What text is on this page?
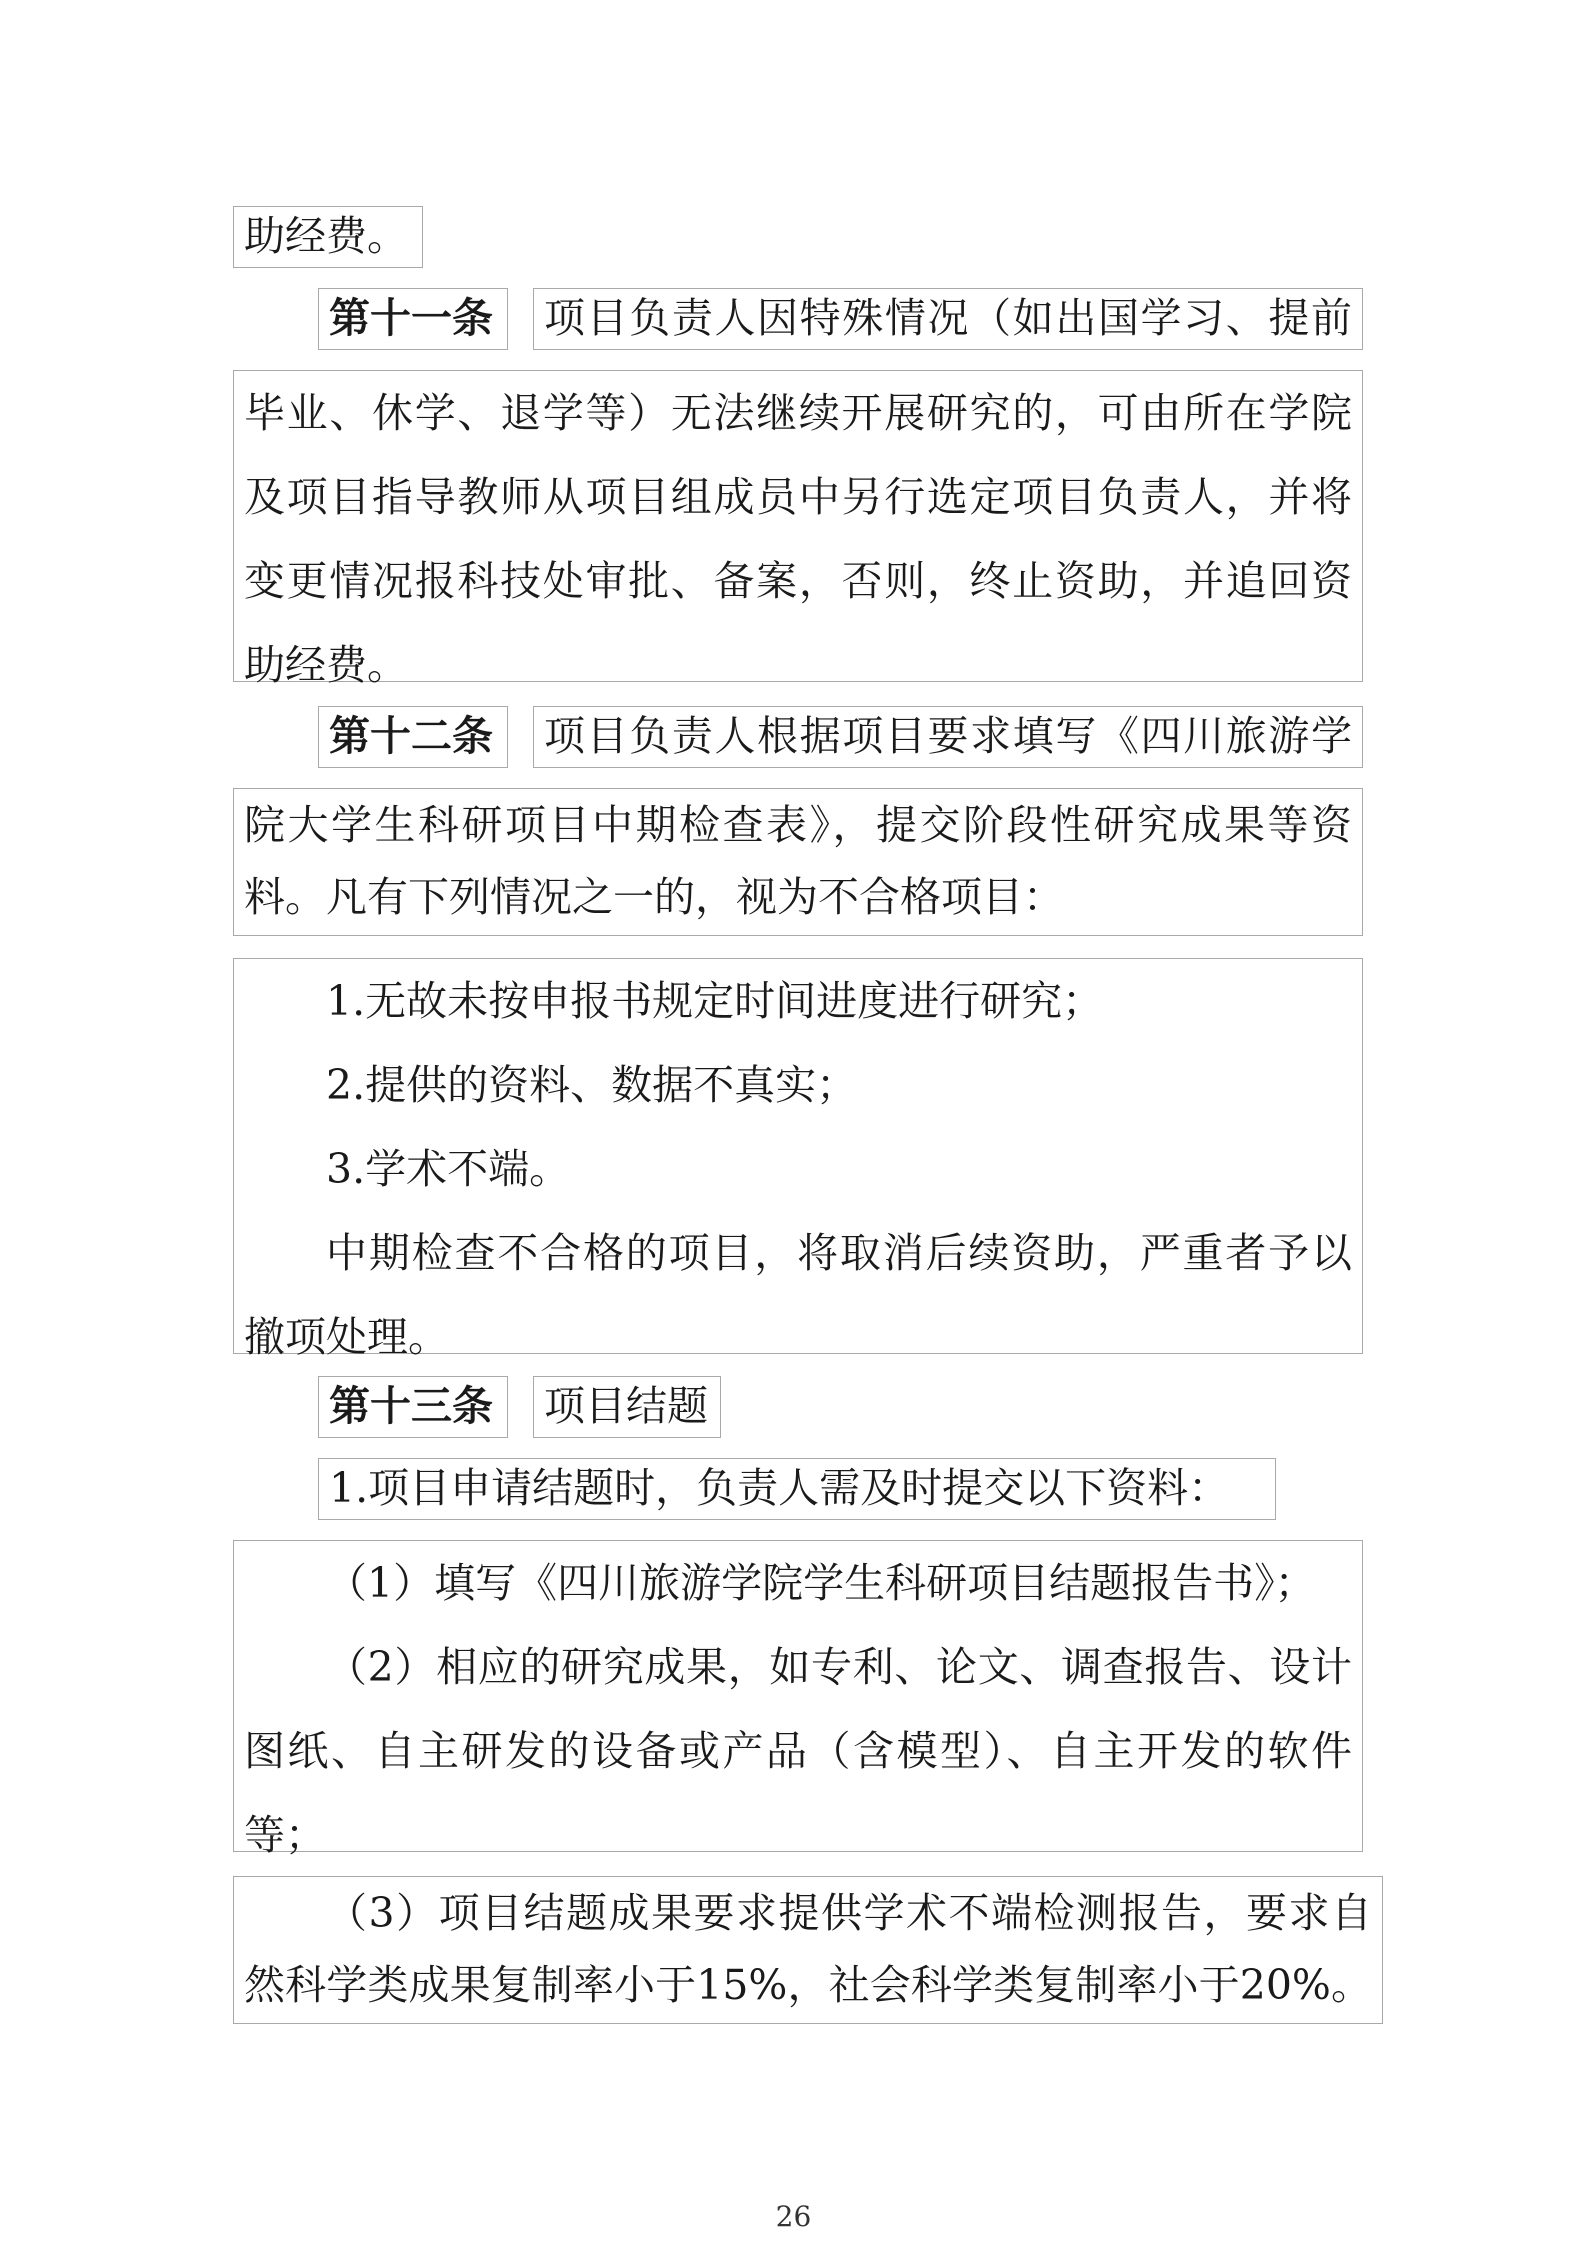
助经费。
第十一条	项目负责人因特殊情况（如出国学习、提前

毕业、休学、退学等）无法继续开展研究的，可由所在学院

及项目指导教师从项目组成员中另行选定项目负责人，并将

变更情况报科技处审批、备案，否则，终止资助，并追回资

助经费。

第十二条	项目负责人根据项目要求填写《四川旅游学

院大学生科研项目中期检查表》，提交阶段性研究成果等资

料。凡有下列情况之一的，视为不合格项目：

1.无故未按申报书规定时间进度进行研究；

2.提供的资料、数据不真实；

3.学术不端。

中期检查不合格的项目，将取消后续资助，严重者予以

撤项处理。

第十三条	项目结题
1.项目申请结题时，负责人需及时提交以下资料：

（1）填写《四川旅游学院学生科研项目结题报告书》；

（2）相应的研究成果，如专利、论文、调查报告、设计

图纸、自主研发的设备或产品（含模型）、自主开发的软件

等；

（3）项目结题成果要求提供学术不端检测报告，要求自

然科学类成果复制率小于15%，社会科学类复制率小于20%。

26
